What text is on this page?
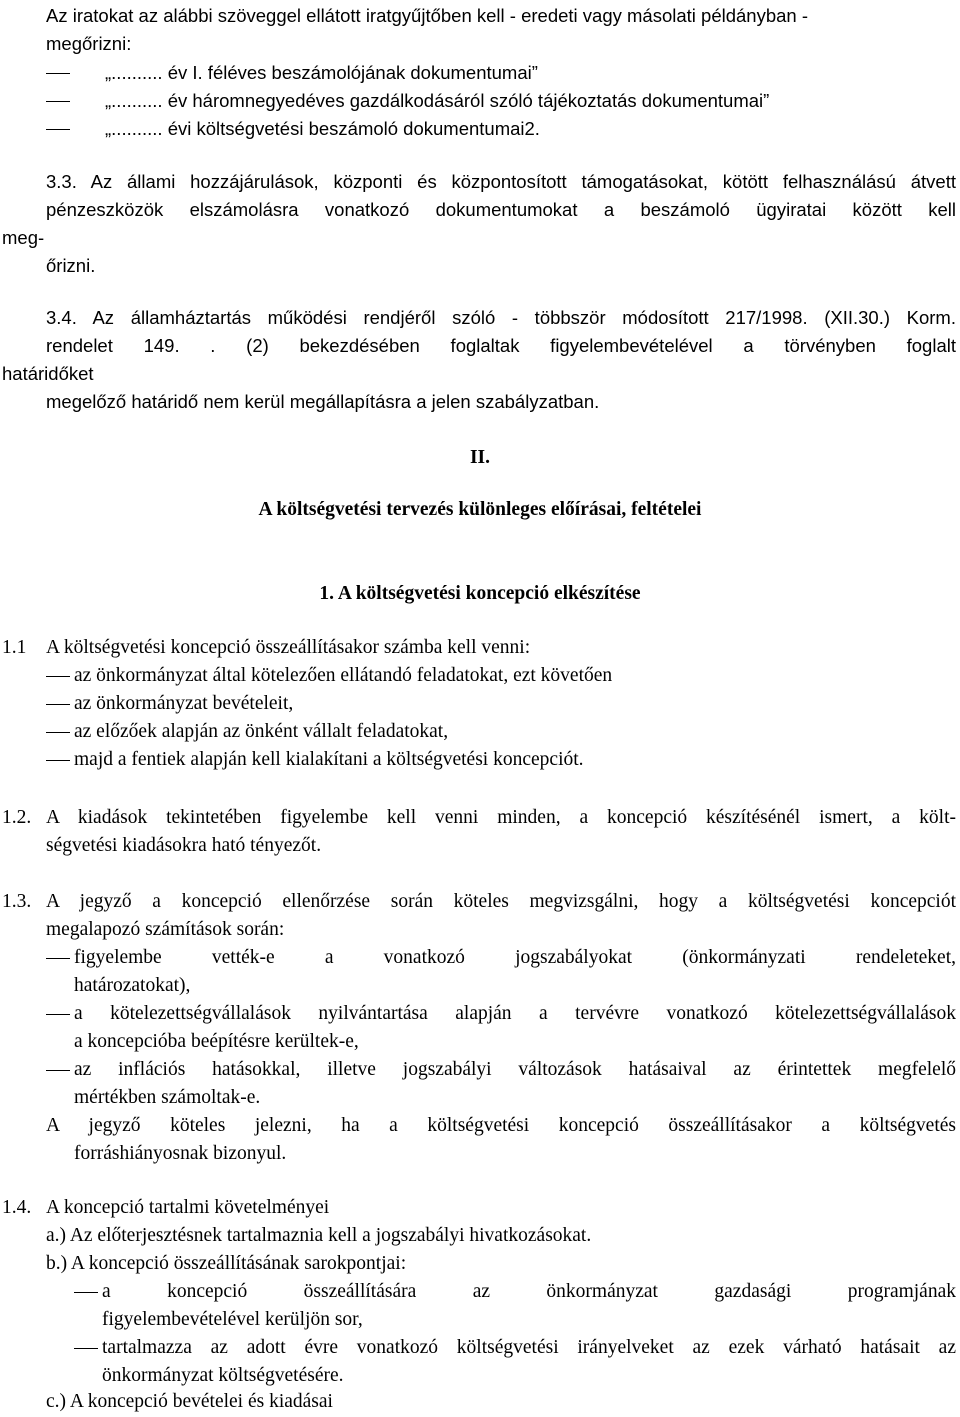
Az iratokat az alábbi szöveggel ellátott iratgyűjtőben kell - eredeti vagy másolati példányban -
megőrizni:
„.......... év I. féléves beszámolójának dokumentumai”
„.......... év háromnegyedéves gazdálkodásáról szóló tájékoztatás dokumentumai”
„.......... évi költségvetési beszámoló dokumentumai2.
3.3. Az állami hozzájárulások, központi és központosított támogatásokat, kötött felhasználású átvett
pénzeszközök elszámolásra vonatkozó dokumentumokat a beszámoló ügyiratai között kell
meg-
őrizni.
3.4. Az államháztartás működési rendjéről szóló - többször módosított 217/1998. (XII.30.) Korm.
rendelet 149. . (2) bekezdésében foglaltak figyelembevételével a törvényben foglalt
határidőket
megelőző határidő nem kerül megállapításra a jelen szabályzatban.
II.
A költségvetési tervezés különleges előírásai, feltételei
1. A költségvetési koncepció elkészítése
1.1 A költségvetési koncepció összeállításakor számba kell venni:
az önkormányzat által kötelezően ellátandó feladatokat, ezt követően
az önkormányzat bevételeit,
az előzőek alapján az önként vállalt feladatokat,
majd a fentiek alapján kell kialakítani a költségvetési koncepciót.
1.2. A kiadások tekintetében figyelembe kell venni minden, a koncepció készítésénél ismert, a költ-
ségvetési kiadásokra ható tényezőt.
1.3. A jegyző a koncepció ellenőrzése során köteles megvizsgálni, hogy a költségvetési koncepciót
megalapozó számítások során:
figyelembe vették-e a vonatkozó jogszabályokat (önkormányzati rendeleteket,
határozatokat),
a kötelezettségvállalások nyilvántartása alapján a tervévre vonatkozó kötelezettségvállalások
a koncepcióba beépítésre kerültek-e,
az inflációs hatásokkal, illetve jogszabályi változások hatásaival az érintettek megfelelő
mértékben számoltak-e.
A jegyző köteles jelezni, ha a költségvetési koncepció összeállításakor a költségvetés
forráshiányosnak bizonyul.
1.4. A koncepció tartalmi követelményei
a.) Az előterjesztésnek tartalmaznia kell a jogszabályi hivatkozásokat.
b.) A koncepció összeállításának sarokpontjai:
a koncepció összeállítására az önkormányzat gazdasági programjának
figyelembevételével kerüljön sor,
tartalmazza az adott évre vonatkozó költségvetési irányelveket az ezek várható hatásait az
önkormányzat költségvetésére.
c.) A koncepció bevételei és kiadásai
